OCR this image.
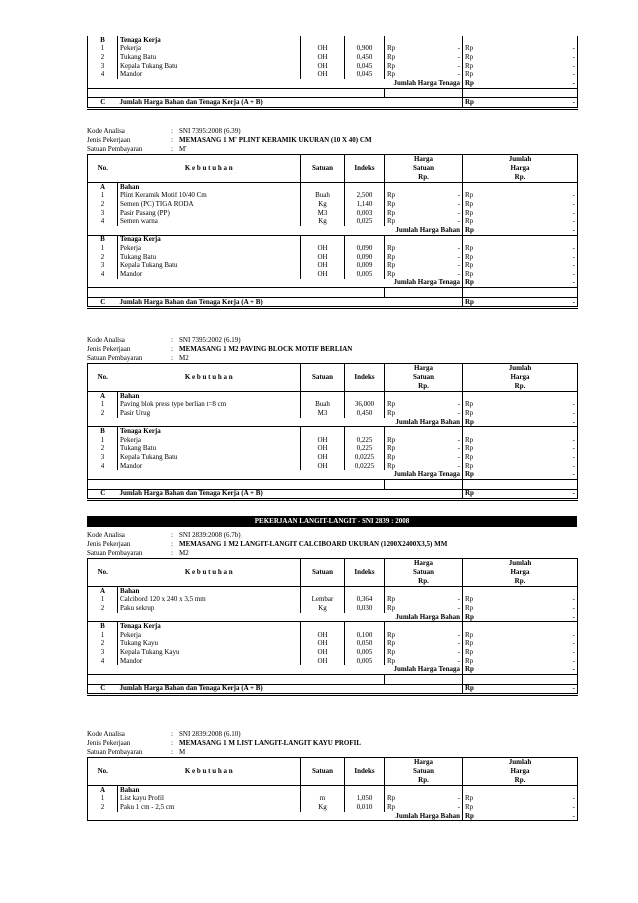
B	Tenaga Kerja						
1	Pekerja	OH	0,900	Rp	-	Rp	-
2	Tukang Batu	OH	0,450	Rp	-	Rp	-
3	Kepala Tukang Batu	OH	0,045	Rp	-	Rp	-
4	Mandor	OH	0,045	Rp	-	Rp	-
			Jumlah Harga Tenaga			Rp	-

C	Jumlah Harga Bahan dan Tenaga Kerja (A + B)					Rp	-
Kode Analisa	: SNI 7395:2008 (6.39)
Jenis Pekerjaan	: MEMASANG 1 M' PLINT KERAMIK UKURAN (10 X 40) CM
Satuan Pembayaran	: M'
				Harga		Jumlah	
No.	K e b u t u h a n	Satuan	Indeks	Satuan		Harga	
				Rp.		Rp.	
A	Bahan						
1	Plint Keramik Motif 10/40 Cm	Buah	2,500	Rp	-	Rp	-
2	Semen (PC) TIGA RODA	Kg	1,140	Rp	-	Rp	-
3	Pasir Pasang (PP)	M3	0,003	Rp	-	Rp	-
4	Semen warna	Kg	0,025	Rp	-	Rp	-
			Jumlah Harga Bahan			Rp	-
B	Tenaga Kerja						
1	Pekerja	OH	0,090	Rp	-	Rp	-
2	Tukang Batu	OH	0,090	Rp	-	Rp	-
3	Kepala Tukang Batu	OH	0,009	Rp	-	Rp	-
4	Mandor	OH	0,005	Rp	-	Rp	-
			Jumlah Harga Tenaga			Rp	-

C	Jumlah Harga Bahan dan Tenaga Kerja (A + B)					Rp	-
Kode Analisa	: SNI 7395:2002 (6.19)
Jenis Pekerjaan	: MEMASANG 1 M2 PAVING BLOCK MOTIF BERLIAN
Satuan Pembayaran	: M2
				Harga		Jumlah	
No.	K e b u t u h a n	Satuan	Indeks	Satuan		Harga	
				Rp.		Rp.	
A	Bahan						
1	Paving blok press type berlian t=8 cm	Buah	36,000	Rp	-	Rp	-
2	Pasir Urug	M3	0,450	Rp	-	Rp	-
			Jumlah Harga Bahan			Rp	-
B	Tenaga Kerja						
1	Pekerja	OH	0,225	Rp	-	Rp	-
2	Tukang Batu	OH	0,225	Rp	-	Rp	-
3	Kepala Tukang Batu	OH	0,0225	Rp	-	Rp	-
4	Mandor	OH	0,0225	Rp	-	Rp	-
			Jumlah Harga Tenaga			Rp	-

C	Jumlah Harga Bahan dan Tenaga Kerja (A + B)					Rp	-
Kode Analisa	: SNI 2839:2008 (6.7b)
Jenis Pekerjaan	: MEMASANG 1 M2 LANGIT-LANGIT CALCIBOARD UKURAN (1200X2400X3,5) MM
Satuan Pembayaran	: M2
				Harga		Jumlah	
No.	K e b u t u h a n	Satuan	Indeks	Satuan		Harga	
				Rp.		Rp.	
A	Bahan						
1	Calcibord 120 x 240 x 3,5 mm	Lembar	0,364	Rp	-	Rp	-
2	Paku sekrup	Kg	0,030	Rp	-	Rp	-
			Jumlah Harga Bahan			Rp	-
B	Tenaga Kerja						
1	Pekerja	OH	0,100	Rp	-	Rp	-
2	Tukang Kayu	OH	0,050	Rp	-	Rp	-
3	Kepala Tukang Kayu	OH	0,005	Rp	-	Rp	-
4	Mandor	OH	0,005	Rp	-	Rp	-
			Jumlah Harga Tenaga			Rp	-

C	Jumlah Harga Bahan dan Tenaga Kerja (A + B)					Rp	-
Kode Analisa	: SNI 2839:2008 (6.10)
Jenis Pekerjaan	: MEMASANG 1 M LIST LANGIT-LANGIT KAYU PROFIL
Satuan Pembayaran	: M
				Harga		Jumlah	
No.	K e b u t u h a n	Satuan	Indeks	Satuan		Harga	
				Rp.		Rp.	
A	Bahan						
1	List kayu Profil	m	1,050	Rp	-	Rp	-
2	Paku 1 cm - 2,5 cm	Kg	0,010	Rp	-	Rp	-
			Jumlah Harga Bahan			Rp	-
PEKERJAAN LANGIT-LANGIT - SNI 2839 : 2008
